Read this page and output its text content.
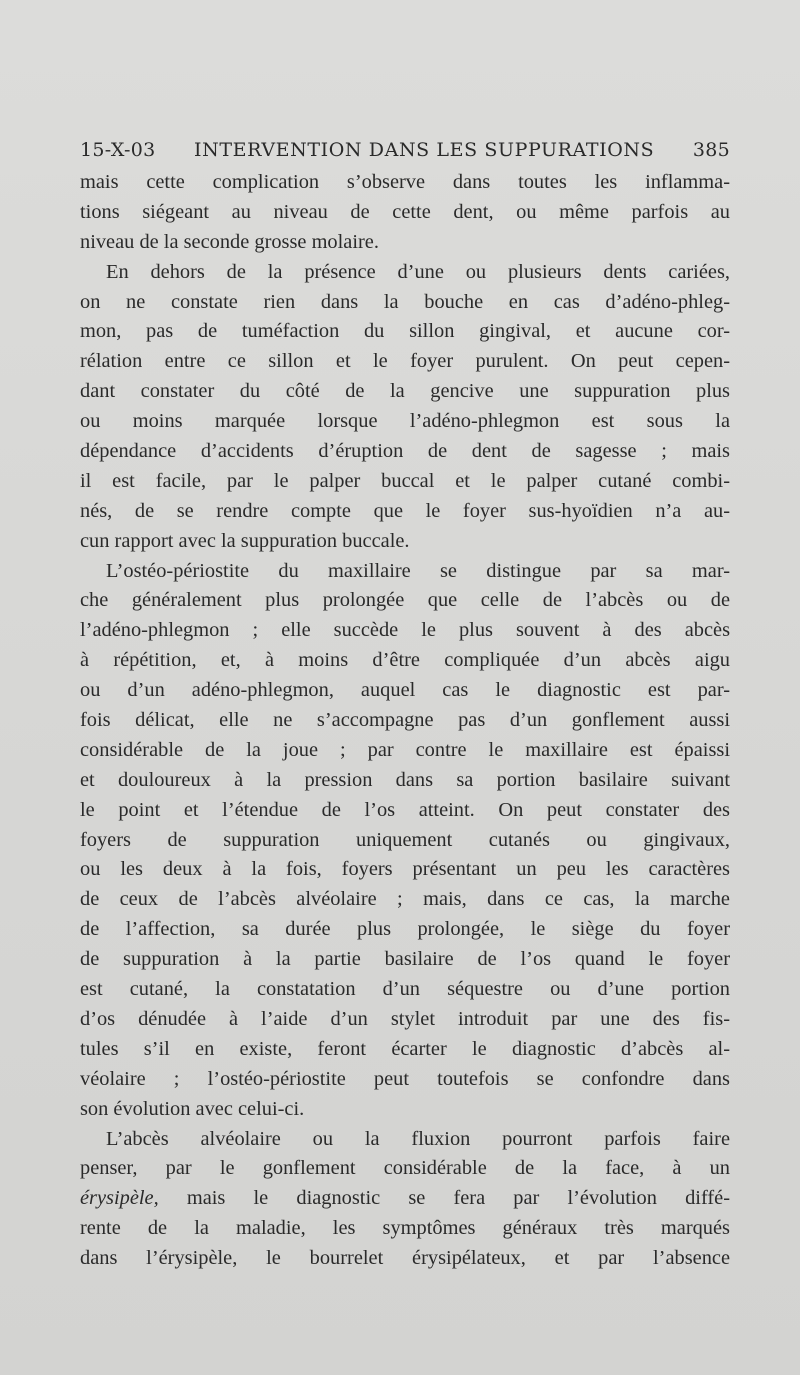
15-X-03 INTERVENTION DANS LES SUPPURATIONS 385
mais cette complication s’observe dans toutes les inflamma-
tions siégeant au niveau de cette dent, ou même parfois au
niveau de la seconde grosse molaire.
En dehors de la présence d’une ou plusieurs dents cariées,
on ne constate rien dans la bouche en cas d’adéno-phleg-
mon, pas de tuméfaction du sillon gingival, et aucune cor-
rélation entre ce sillon et le foyer purulent. On peut cepen-
dant constater du côté de la gencive une suppuration plus
ou moins marquée lorsque l’adéno-phlegmon est sous la
dépendance d’accidents d’éruption de dent de sagesse ; mais
il est facile, par le palper buccal et le palper cutané combi-
nés, de se rendre compte que le foyer sus-hyoïdien n’a au-
cun rapport avec la suppuration buccale.
L’ostéo-périostite du maxillaire se distingue par sa mar-
che généralement plus prolongée que celle de l’abcès ou de
l’adéno-phlegmon ; elle succède le plus souvent à des abcès
à répétition, et, à moins d’être compliquée d’un abcès aigu
ou d’un adéno-phlegmon, auquel cas le diagnostic est par-
fois délicat, elle ne s’accompagne pas d’un gonflement aussi
considérable de la joue ; par contre le maxillaire est épaissi
et douloureux à la pression dans sa portion basilaire suivant
le point et l’étendue de l’os atteint. On peut constater des
foyers de suppuration uniquement cutanés ou gingivaux,
ou les deux à la fois, foyers présentant un peu les caractères
de ceux de l’abcès alvéolaire ; mais, dans ce cas, la marche
de l’affection, sa durée plus prolongée, le siège du foyer
de suppuration à la partie basilaire de l’os quand le foyer
est cutané, la constatation d’un séquestre ou d’une portion
d’os dénudée à l’aide d’un stylet introduit par une des fis-
tules s’il en existe, feront écarter le diagnostic d’abcès al-
véolaire ; l’ostéo-périostite peut toutefois se confondre dans
son évolution avec celui-ci.
L’abcès alvéolaire ou la fluxion pourront parfois faire
penser, par le gonflement considérable de la face, à un
érysipèle, mais le diagnostic se fera par l’évolution diffé-
rente de la maladie, les symptômes généraux très marqués
dans l’érysipèle, le bourrelet érysipélateux, et par l’absence
